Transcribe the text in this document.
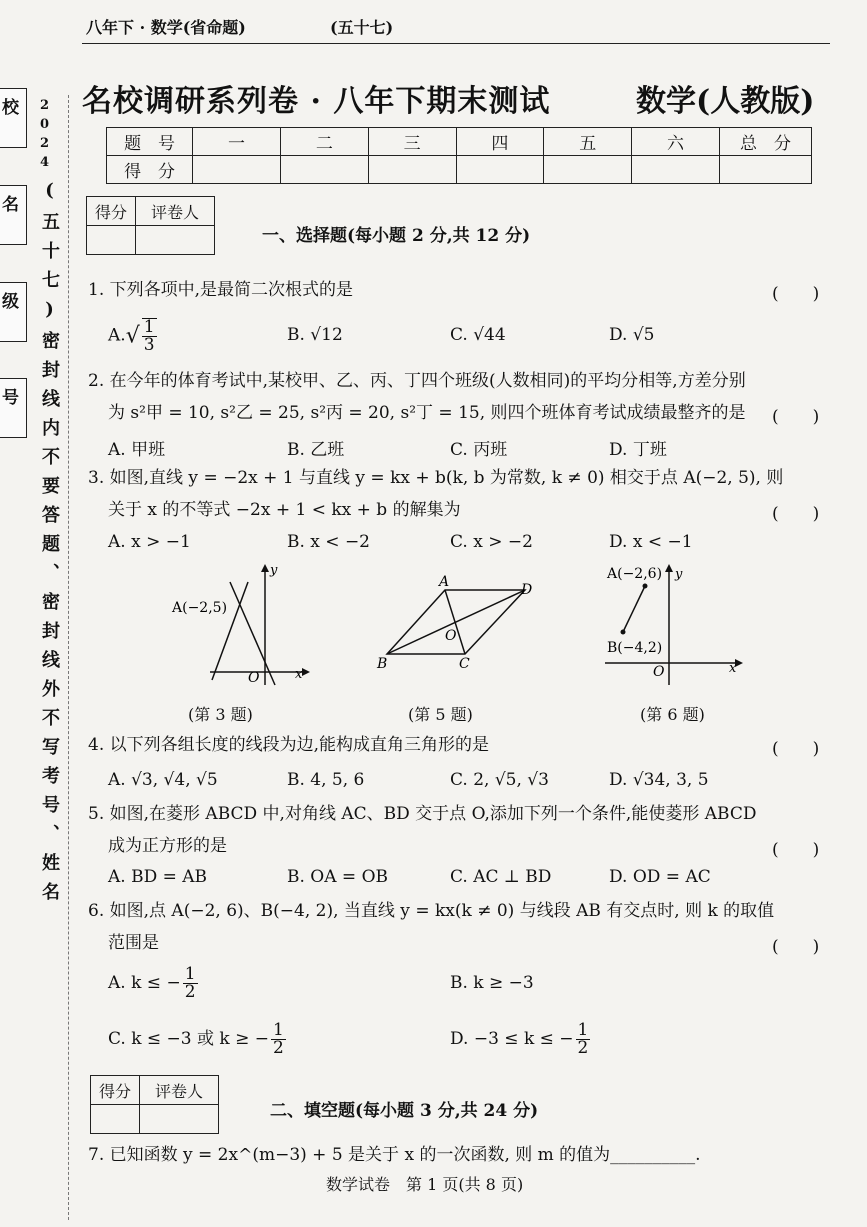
校
名
级
号
2024
(五十七)密封线内不要答题、密封线外不写考号、姓名
八年下 · 数学(省命题)	(五十七)
名校调研系列卷 · 八年下期末测试	数学(人教版)
题　号	一	二	三	四	五	六	总　分
得　分							
得分	评卷人

一、选择题(每小题 2 分,共 12 分)
1. 下列各项中,是最简二次根式的是	(　　)
$A.√ \frac{1}{3}$	B. √12	C. √44	D. √5
2. 在今年的体育考试中,某校甲、乙、丙、丁四个班级(人数相同)的平均分相等,方差分别
为 s²甲 = 10, s²乙 = 25, s²丙 = 20, s²丁 = 15, 则四个班体育考试成绩最整齐的是 (　　)
A. 甲班	B. 乙班	C. 丙班	D. 丁班
3. 如图,直线 y = −2x + 1 与直线 y = kx + b(k, b 为常数, k ≠ 0) 相交于点 A(−2, 5), 则
关于 x 的不等式 −2x + 1 < kx + b 的解集为	(　　)
A. x > −1	B. x < −2	C. x > −2	D. x < −1
A(−2,5)
y
x
O
(第 3 题)
A	D
B	C
O
(第 5 题)
A(−2,6)
B(−4,2)
y
x
O
(第 6 题)
4. 以下列各组长度的线段为边,能构成直角三角形的是	(　　)
A. √3, √4, √5	B. 4, 5, 6	C. 2, √5, √3	D. √34, 3, 5
5. 如图,在菱形 ABCD 中,对角线 AC、BD 交于点 O,添加下列一个条件,能使菱形 ABCD
成为正方形的是	(　　)
A. BD = AB	B. OA = OB	C. AC ⊥ BD	D. OD = AC
6. 如图,点 A(−2, 6)、B(−4, 2), 当直线 y = kx(k ≠ 0) 与线段 AB 有交点时, 则 k 的取值
范围是	(　　)
A. k ≤ − $\frac{1}{2}$	B. k ≥ −3
C. k ≤ −3 或 k ≥ − $\frac{1}{2}$	D. −3 ≤ k ≤ − $\frac{1}{2}$
得分	评卷人

二、填空题(每小题 3 分,共 24 分)
7. 已知函数 y = 2x^(m−3) + 5 是关于 x 的一次函数, 则 m 的值为__________.
数学试卷　第 1 页(共 8 页)
